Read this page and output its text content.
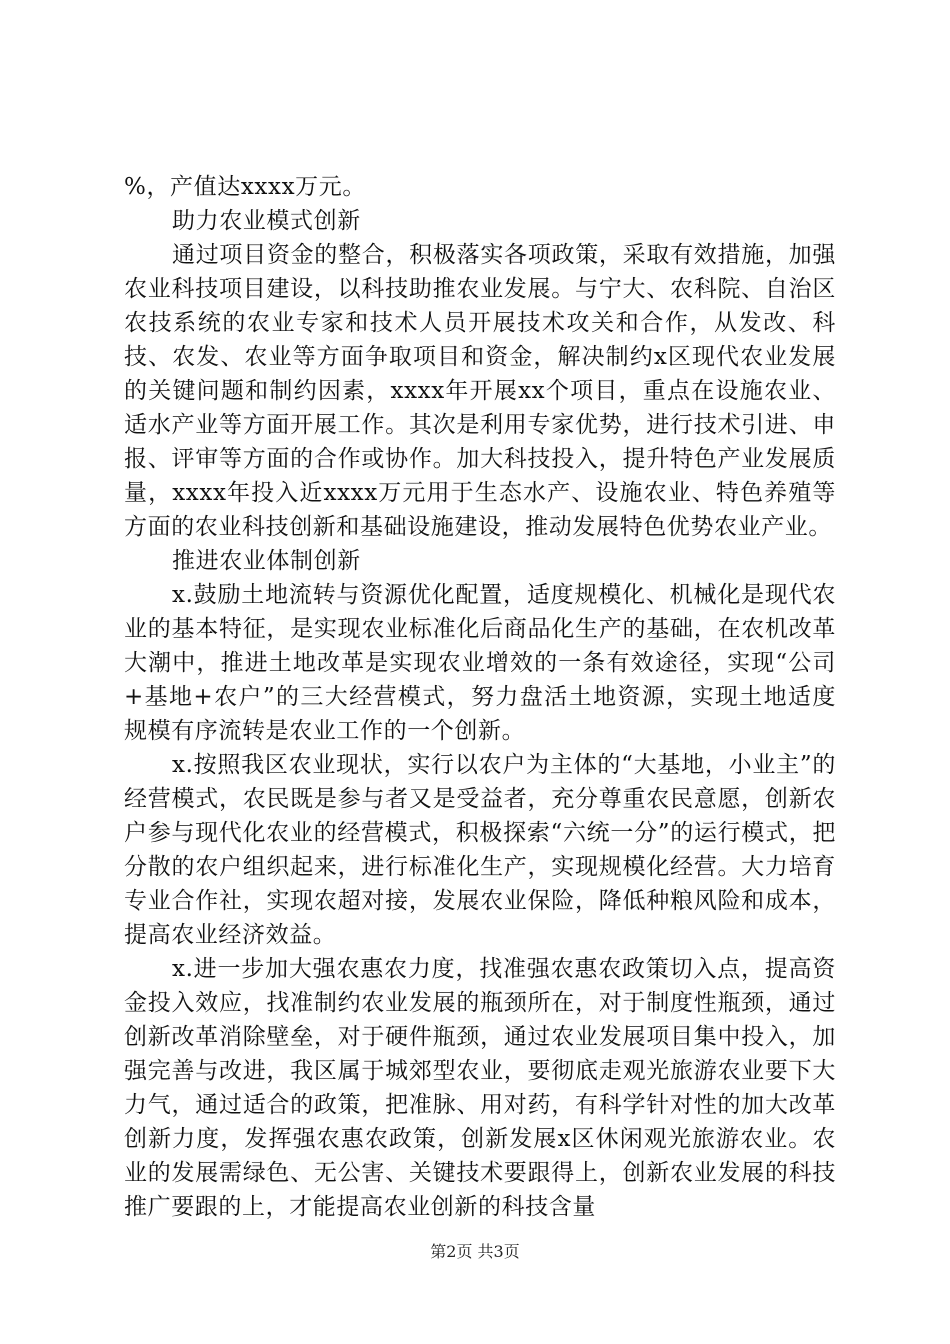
%，产值达xxxx万元。

助力农业模式创新

通过项目资金的整合，积极落实各项政策，采取有效措施，加强农业科技项目建设，以科技助推农业发展。与宁大、农科院、自治区农技系统的农业专家和技术人员开展技术攻关和合作，从发改、科技、农发、农业等方面争取项目和资金，解决制约x区现代农业发展的关键问题和制约因素，xxxx年开展xx个项目，重点在设施农业、适水产业等方面开展工作。其次是利用专家优势，进行技术引进、申报、评审等方面的合作或协作。加大科技投入，提升特色产业发展质量，xxxx年投入近xxxx万元用于生态水产、设施农业、特色养殖等方面的农业科技创新和基础设施建设，推动发展特色优势农业产业。

推进农业体制创新

x.鼓励土地流转与资源优化配置，适度规模化、机械化是现代农业的基本特征，是实现农业标准化后商品化生产的基础，在农机改革大潮中，推进土地改革是实现农业增效的一条有效途径，实现“公司+基地+农户”的三大经营模式，努力盘活土地资源，实现土地适度规模有序流转是农业工作的一个创新。

x.按照我区农业现状，实行以农户为主体的“大基地，小业主”的经营模式，农民既是参与者又是受益者，充分尊重农民意愿，创新农户参与现代化农业的经营模式，积极探索“六统一分”的运行模式，把分散的农户组织起来，进行标准化生产，实现规模化经营。大力培育专业合作社，实现农超对接，发展农业保险，降低种粮风险和成本，提高农业经济效益。

x.进一步加大强农惠农力度，找准强农惠农政策切入点，提高资金投入效应，找准制约农业发展的瓶颈所在，对于制度性瓶颈，通过创新改革消除壁垒，对于硬件瓶颈，通过农业发展项目集中投入，加强完善与改进，我区属于城郊型农业，要彻底走观光旅游农业要下大力气，通过适合的政策，把准脉、用对药，有科学针对性的加大改革创新力度，发挥强农惠农政策，创新发展x区休闲观光旅游农业。农业的发展需绿色、无公害、关键技术要跟得上，创新农业发展的科技推广要跟的上，才能提高农业创新的科技含量

第2页 共3页
